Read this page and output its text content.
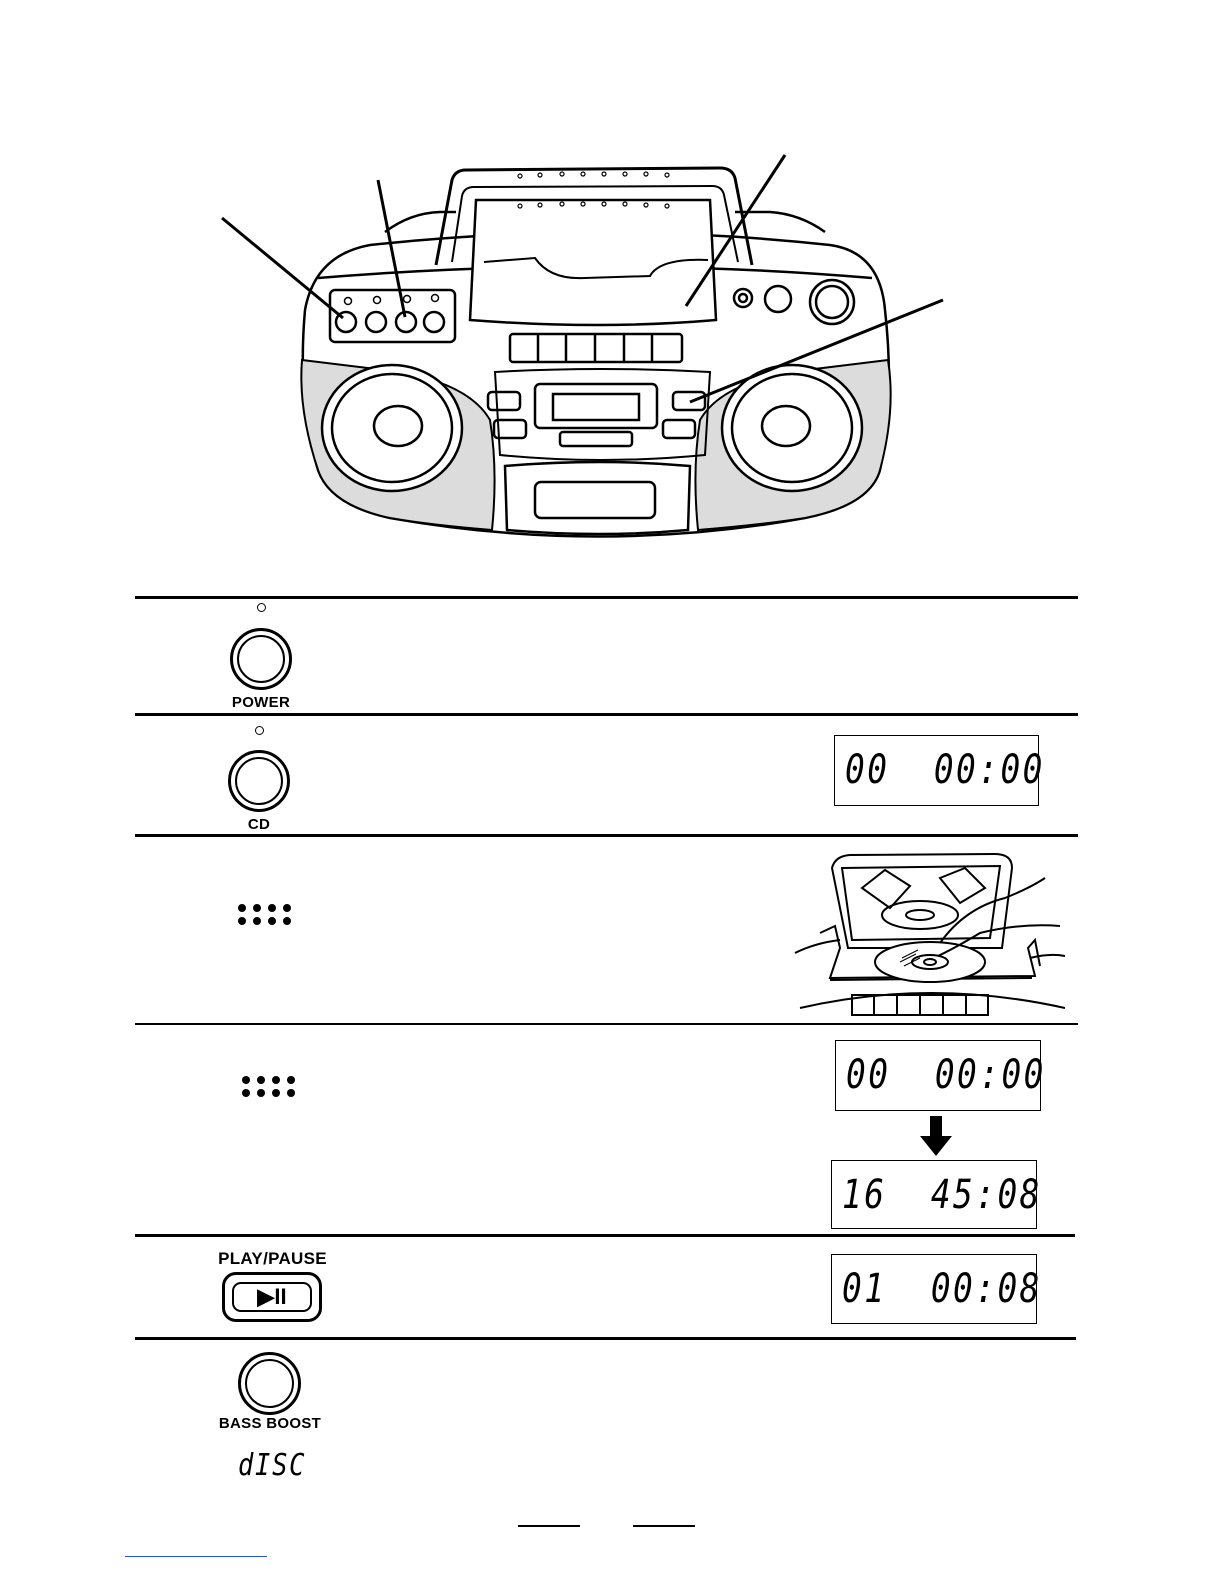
POWER
CD
00  00:00
00  00:00
16  45:08
PLAY/PAUSE
▶II	01  00:08
BASS BOOST
dISC
